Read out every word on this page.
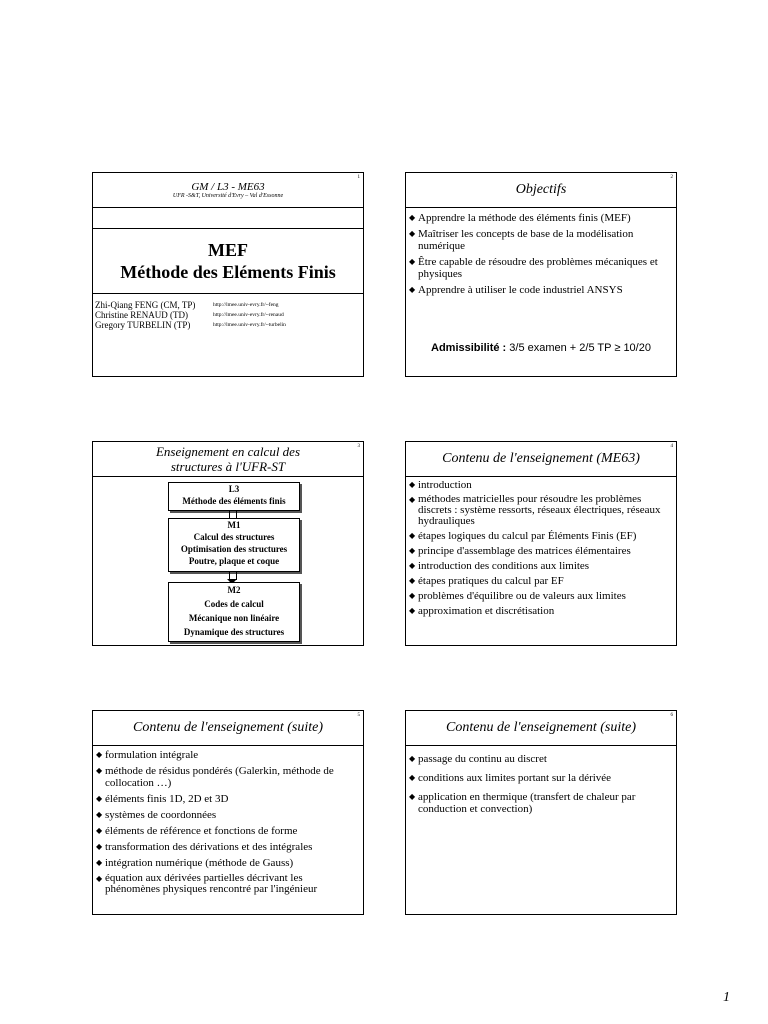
1
GM / L3 - ME63
UFR -S&T, Université d'Evry – Val d'Essonne
MEF
Méthode des Eléments Finis
Zhi-Qiang FENG (CM, TP)	http://lmee.univ-evry.fr/~feng
Christine RENAUD (TD)	http://lmee.univ-evry.fr/~renaud
Gregory TURBELIN (TP)	http://lmee.univ-evry.fr/~turbelin
2
Objectifs
◆ Apprendre la méthode des éléments finis (MEF)
◆ Maîtriser les concepts de base de la modélisation numérique
◆ Être capable de résoudre des problèmes mécaniques et physiques
◆ Apprendre à utiliser le code industriel ANSYS
Admissibilité : 3/5 examen + 2/5 TP ≥ 10/20
3
Enseignement en calcul des
structures à l'UFR-ST
L3
Méthode des éléments finis
M1
Calcul des structures
Optimisation des structures
Poutre, plaque et coque
M2
Codes de calcul
Mécanique non linéaire
Dynamique des structures
4
Contenu de l'enseignement (ME63)
◆ introduction
◆ méthodes matricielles pour résoudre les problèmes discrets : système ressorts, réseaux électriques, réseaux hydrauliques
◆ étapes logiques du calcul par Éléments Finis (EF)
◆ principe d'assemblage des matrices élémentaires
◆ introduction des conditions aux limites
◆ étapes pratiques du calcul par EF
◆ problèmes d'équilibre ou de valeurs aux limites
◆ approximation et discrétisation
5
Contenu de l'enseignement (suite)
◆ formulation intégrale
◆ méthode de résidus pondérés (Galerkin, méthode de collocation …)
◆ éléments finis 1D, 2D et 3D
◆ systèmes de coordonnées
◆ éléments de référence et fonctions de forme
◆ transformation des dérivations et des intégrales
◆ intégration numérique (méthode de Gauss)
◆ équation aux dérivées partielles décrivant les phénomènes physiques rencontré par l'ingénieur
6
Contenu de l'enseignement (suite)
◆ passage du continu au discret
◆ conditions aux limites portant sur la dérivée
◆ application en thermique (transfert de chaleur par conduction et convection)
1
